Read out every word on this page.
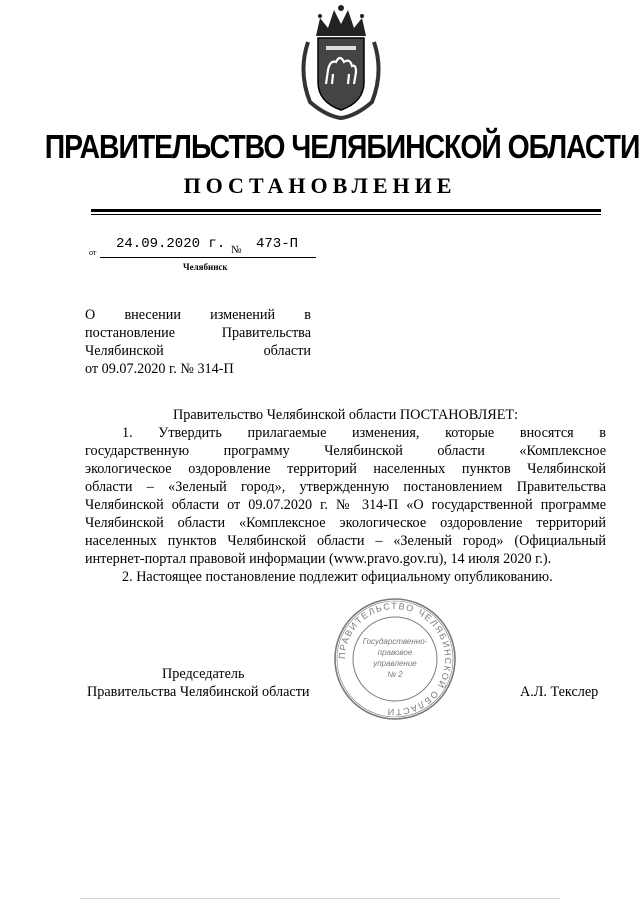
ПРАВИТЕЛЬСТВО ЧЕЛЯБИНСКОЙ ОБЛАСТИ
ПОСТАНОВЛЕНИЕ
от
24.09.2020 г. № 473-П
Челябинск
О внесении изменений в
постановление Правительства
Челябинской области
от 09.07.2020 г. № 314-П
Правительство Челябинской области ПОСТАНОВЛЯЕТ:
1. Утвердить прилагаемые изменения, которые вносятся в
государственную программу Челябинской области «Комплексное
экологическое оздоровление территорий населенных пунктов Челябинской
области – «Зеленый город», утвержденную постановлением Правительства
Челябинской области от 09.07.2020 г. № 314-П «О государственной программе
Челябинской области «Комплексное экологическое оздоровление территорий
населенных пунктов Челябинской области – «Зеленый город» (Официальный
интернет-портал правовой информации (www.pravo.gov.ru), 14 июля 2020 г.).
2. Настоящее постановление подлежит официальному опубликованию.
ПРАВИТЕЛЬСТВО ЧЕЛЯБИНСКОЙ ОБЛАСТИ
Государственно-
правовое
управление
№ 2
Председатель
Правительства Челябинской области	А.Л. Текслер
